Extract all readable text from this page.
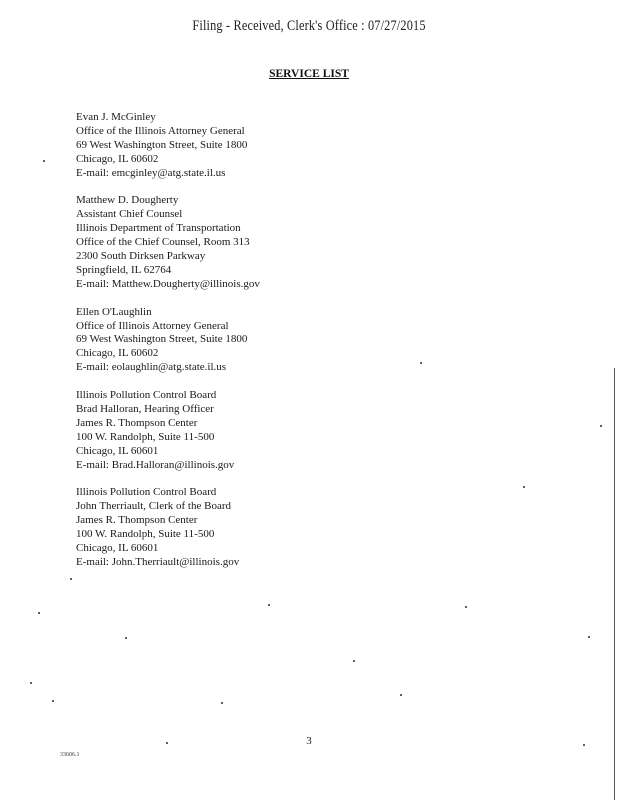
Filing - Received, Clerk's Office : 07/27/2015
SERVICE LIST
Evan J. McGinley
Office of the Illinois Attorney General
69 West Washington Street, Suite 1800
Chicago, IL 60602
E-mail: emcginley@atg.state.il.us
Matthew D. Dougherty
Assistant Chief Counsel
Illinois Department of Transportation
Office of the Chief Counsel, Room 313
2300 South Dirksen Parkway
Springfield, IL 62764
E-mail: Matthew.Dougherty@illinois.gov
Ellen O'Laughlin
Office of Illinois Attorney General
69 West Washington Street, Suite 1800
Chicago, IL 60602
E-mail: eolaughlin@atg.state.il.us
Illinois Pollution Control Board
Brad Halloran, Hearing Officer
James R. Thompson Center
100 W. Randolph, Suite 11-500
Chicago, IL 60601
E-mail: Brad.Halloran@illinois.gov
Illinois Pollution Control Board
John Therriault, Clerk of the Board
James R. Thompson Center
100 W. Randolph, Suite 11-500
Chicago, IL 60601
E-mail: John.Therriault@illinois.gov
3
33606.1
